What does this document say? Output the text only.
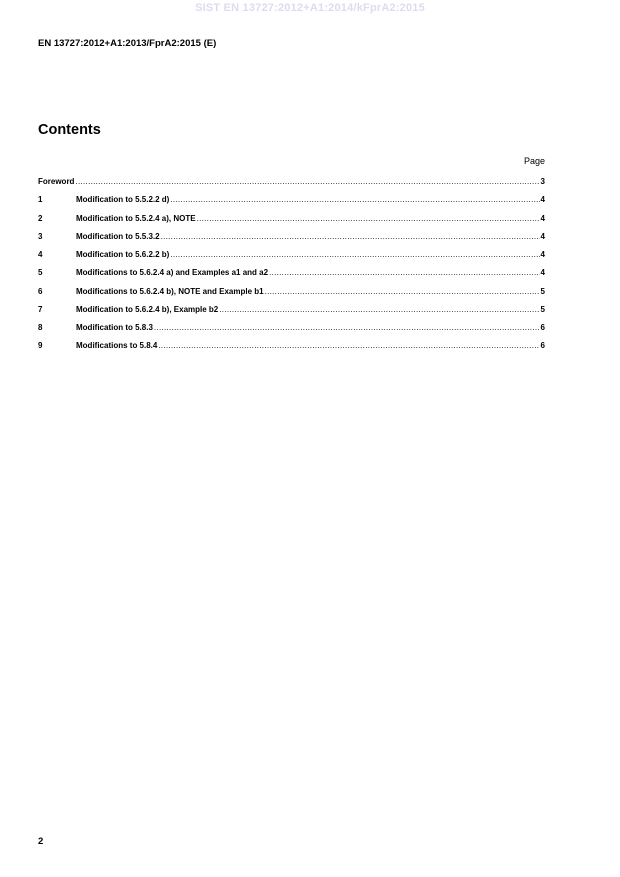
SIST EN 13727:2012+A1:2014/kFprA2:2015
EN 13727:2012+A1:2013/FprA2:2015 (E)
Contents
Page
Foreword .....	3
1	Modification to 5.5.2.2 d) .....	4
2	Modification to 5.5.2.4 a), NOTE .....	4
3	Modification to 5.5.3.2 .....	4
4	Modification to 5.6.2.2 b) .....	4
5	Modifications to 5.6.2.4 a) and Examples a1 and a2 .....	4
6	Modifications to 5.6.2.4 b), NOTE and Example b1 .....	5
7	Modification to 5.6.2.4 b), Example b2 .....	5
8	Modification to 5.8.3 .....	6
9	Modifications to 5.8.4 .....	6
2
